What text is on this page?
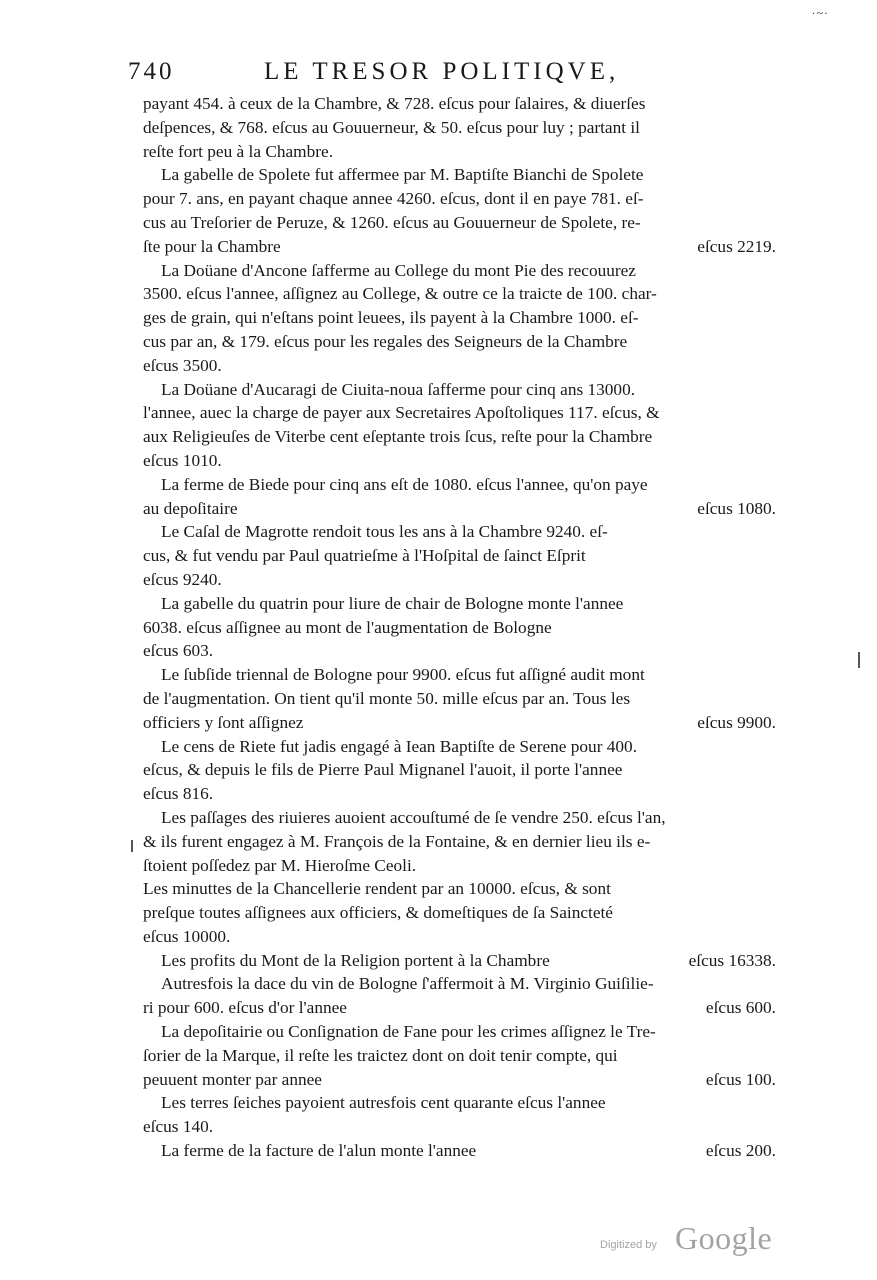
·~·
740	LE TRESOR POLITIQVE,
payant 454. à ceux de la Chambre, & 728. eſcus pour ſalaires, & diuerſes
deſpences, & 768. eſcus au Gouuerneur, & 50. eſcus pour luy ; partant il
reſte fort peu à la Chambre.
La gabelle de Spolete fut affermee par M. Baptiſte Bianchi de Spolete
pour 7. ans, en payant chaque annee 4260. eſcus, dont il en paye 781. eſ-
cus au Treſorier de Peruze, & 1260. eſcus au Gouuerneur de Spolete, re-
ſte pour la Chambre	eſcus 2219.
La Doüane d'Ancone ſafferme au College du mont Pie des recouurez
3500. eſcus l'annee, aſſignez au College, & outre ce la traicte de 100. char-
ges de grain, qui n'eſtans point leuees, ils payent à la Chambre 1000. eſ-
cus par an, & 179. eſcus pour les regales des Seigneurs de la Chambre
eſcus 3500.
La Doüane d'Aucaragi de Ciuita-noua ſafferme pour cinq ans 13000.
l'annee, auec la charge de payer aux Secretaires Apoſtoliques 117. eſcus, &
aux Religieuſes de Viterbe cent eſeptante trois ſcus, reſte pour la Chambre
eſcus 1010.
La ferme de Biede pour cinq ans eſt de 1080. eſcus l'annee, qu'on paye
au depoſitaire	eſcus 1080.
Le Caſal de Magrotte rendoit tous les ans à la Chambre 9240. eſ-
cus, & fut vendu par Paul quatrieſme à l'Hoſpital de ſainct Eſprit
eſcus 9240.
La gabelle du quatrin pour liure de chair de Bologne monte l'annee
6038. eſcus aſſignee au mont de l'augmentation de Bologne
eſcus 603.
Le ſubſide triennal de Bologne pour 9900. eſcus fut aſſigné audit mont
de l'augmentation. On tient qu'il monte 50. mille eſcus par an. Tous les
officiers y ſont aſſignez	eſcus 9900.
Le cens de Riete fut jadis engagé à Iean Baptiſte de Serene pour 400.
eſcus, & depuis le fils de Pierre Paul Mignanel l'auoit, il porte l'annee
eſcus 816.
Les paſſages des riuieres auoient accouſtumé de ſe vendre 250. eſcus l'an,
& ils furent engagez à M. François de la Fontaine, & en dernier lieu ils e-
ſtoient poſſedez par M. Hieroſme Ceoli.
Les minuttes de la Chancellerie rendent par an 10000. eſcus, & sont
preſque toutes aſſignees aux officiers, & domeſtiques de ſa Saincteté
eſcus 10000.
Les profits du Mont de la Religion portent à la Chambre	eſcus 16338.
Autresfois la dace du vin de Bologne ſ'affermoit à M. Virginio Guiſilie-
ri pour 600. eſcus d'or l'annee	eſcus 600.
La depoſitairie ou Conſignation de Fane pour les crimes aſſignez le Tre-
ſorier de la Marque, il reſte les traictez dont on doit tenir compte, qui
peuuent monter par annee	eſcus 100.
Les terres ſeiches payoient autresfois cent quarante eſcus l'annee
eſcus 140.
La ferme de la facture de l'alun monte l'annee	eſcus 200.
Digitized by Google
